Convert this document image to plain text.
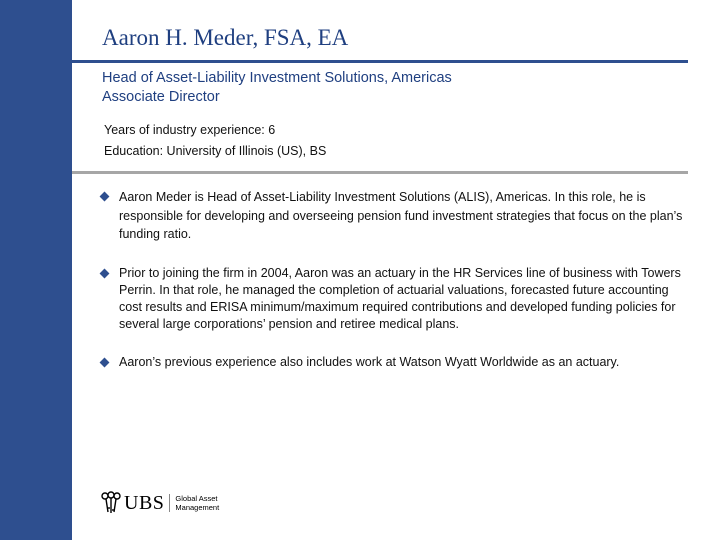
Aaron H. Meder, FSA, EA
Head of Asset-Liability Investment Solutions, Americas
Associate Director
Years of industry experience: 6
Education: University of Illinois (US), BS
Aaron Meder is Head of Asset-Liability Investment Solutions (ALIS), Americas. In this role, he is responsible for developing and overseeing pension fund investment strategies that focus on the plan’s funding ratio.
Prior to joining the firm in 2004, Aaron was an actuary in the HR Services line of business with Towers Perrin. In that role, he managed the completion of actuarial valuations, forecasted future accounting cost results and ERISA minimum/maximum required contributions and developed funding policies for several large corporations’ pension and retiree medical plans.
Aaron’s previous experience also includes work at Watson Wyatt Worldwide as an actuary.
UBS Global Asset
Management
